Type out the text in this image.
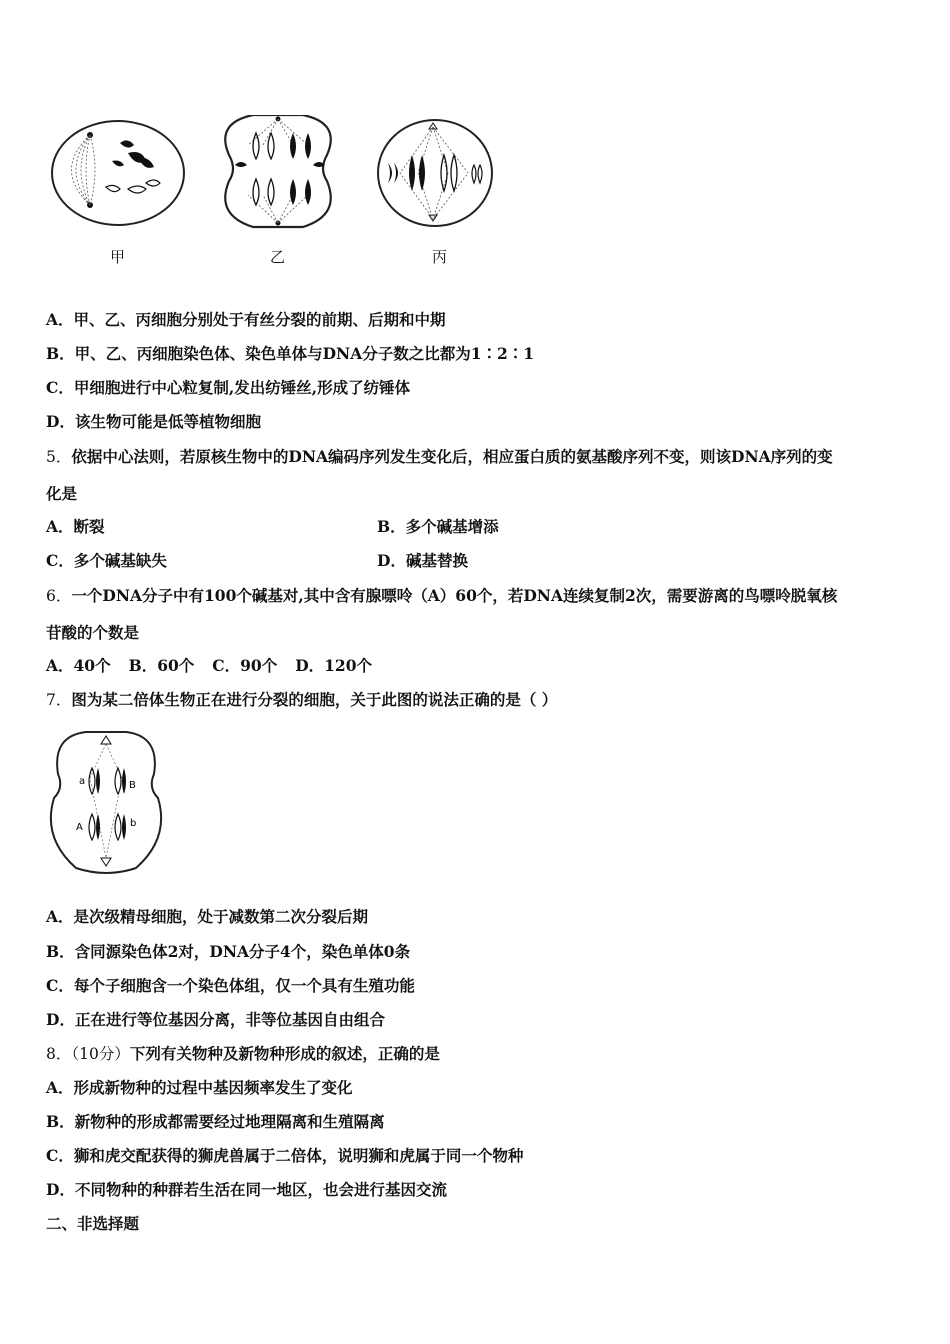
甲	乙	丙
A．甲、乙、丙细胞分别处于有丝分裂的前期、后期和中期
B．甲、乙、丙细胞染色体、染色单体与DNA分子数之比都为1∶2∶1
C．甲细胞进行中心粒复制,发出纺锤丝,形成了纺锤体
D．该生物可能是低等植物细胞
5．依据中心法则，若原核生物中的DNA编码序列发生变化后，相应蛋白质的氨基酸序列不变，则该DNA序列的变
化是
A．断裂	B．多个碱基增添
C．多个碱基缺失	D．碱基替换
6．一个DNA分子中有100个碱基对,其中含有腺嘌呤（A）60个，若DNA连续复制2次，需要游离的鸟嘌呤脱氧核
苷酸的个数是
A．40个 B．60个 C．90个 D．120个
7．图为某二倍体生物正在进行分裂的细胞，关于此图的说法正确的是（ ）
a	B
A	b
A．是次级精母细胞，处于减数第二次分裂后期
B．含同源染色体2对，DNA分子4个，染色单体0条
C．每个子细胞含一个染色体组，仅一个具有生殖功能
D．正在进行等位基因分离，非等位基因自由组合
8．（10分）下列有关物种及新物种形成的叙述，正确的是
A．形成新物种的过程中基因频率发生了变化
B．新物种的形成都需要经过地理隔离和生殖隔离
C．狮和虎交配获得的狮虎兽属于二倍体，说明狮和虎属于同一个物种
D．不同物种的种群若生活在同一地区，也会进行基因交流
二、非选择题
